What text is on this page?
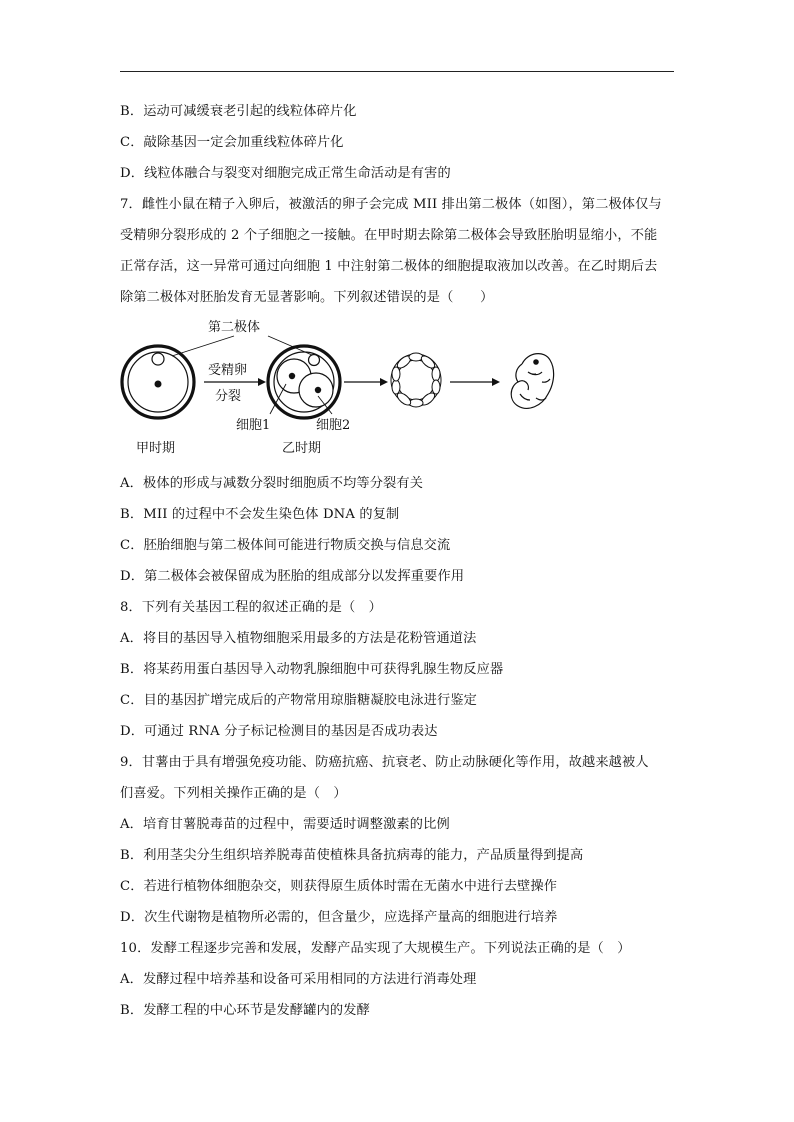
B．运动可减缓衰老引起的线粒体碎片化
C．敲除基因一定会加重线粒体碎片化
D．线粒体融合与裂变对细胞完成正常生命活动是有害的
7．雌性小鼠在精子入卵后，被激活的卵子会完成 MII 排出第二极体（如图），第二极体仅与
受精卵分裂形成的 2 个子细胞之一接触。在甲时期去除第二极体会导致胚胎明显缩小，不能
正常存活，这一异常可通过向细胞 1 中注射第二极体的细胞提取液加以改善。在乙时期后去
除第二极体对胚胎发育无显著影响。下列叙述错误的是（　　）
受精卵
分裂
第二极体
细胞1	细胞2
甲时期	乙时期
A．极体的形成与减数分裂时细胞质不均等分裂有关
B．MII 的过程中不会发生染色体 DNA 的复制
C．胚胎细胞与第二极体间可能进行物质交换与信息交流
D．第二极体会被保留成为胚胎的组成部分以发挥重要作用
8．下列有关基因工程的叙述正确的是（　）
A．将目的基因导入植物细胞采用最多的方法是花粉管通道法
B．将某药用蛋白基因导入动物乳腺细胞中可获得乳腺生物反应器
C．目的基因扩增完成后的产物常用琼脂糖凝胶电泳进行鉴定
D．可通过 RNA 分子标记检测目的基因是否成功表达
9．甘薯由于具有增强免疫功能、防癌抗癌、抗衰老、防止动脉硬化等作用，故越来越被人
们喜爱。下列相关操作正确的是（　）
A．培育甘薯脱毒苗的过程中，需要适时调整激素的比例
B．利用茎尖分生组织培养脱毒苗使植株具备抗病毒的能力，产品质量得到提高
C．若进行植物体细胞杂交，则获得原生质体时需在无菌水中进行去壁操作
D．次生代谢物是植物所必需的，但含量少，应选择产量高的细胞进行培养
10．发酵工程逐步完善和发展，发酵产品实现了大规模生产。下列说法正确的是（　）
A．发酵过程中培养基和设备可采用相同的方法进行消毒处理
B．发酵工程的中心环节是发酵罐内的发酵
